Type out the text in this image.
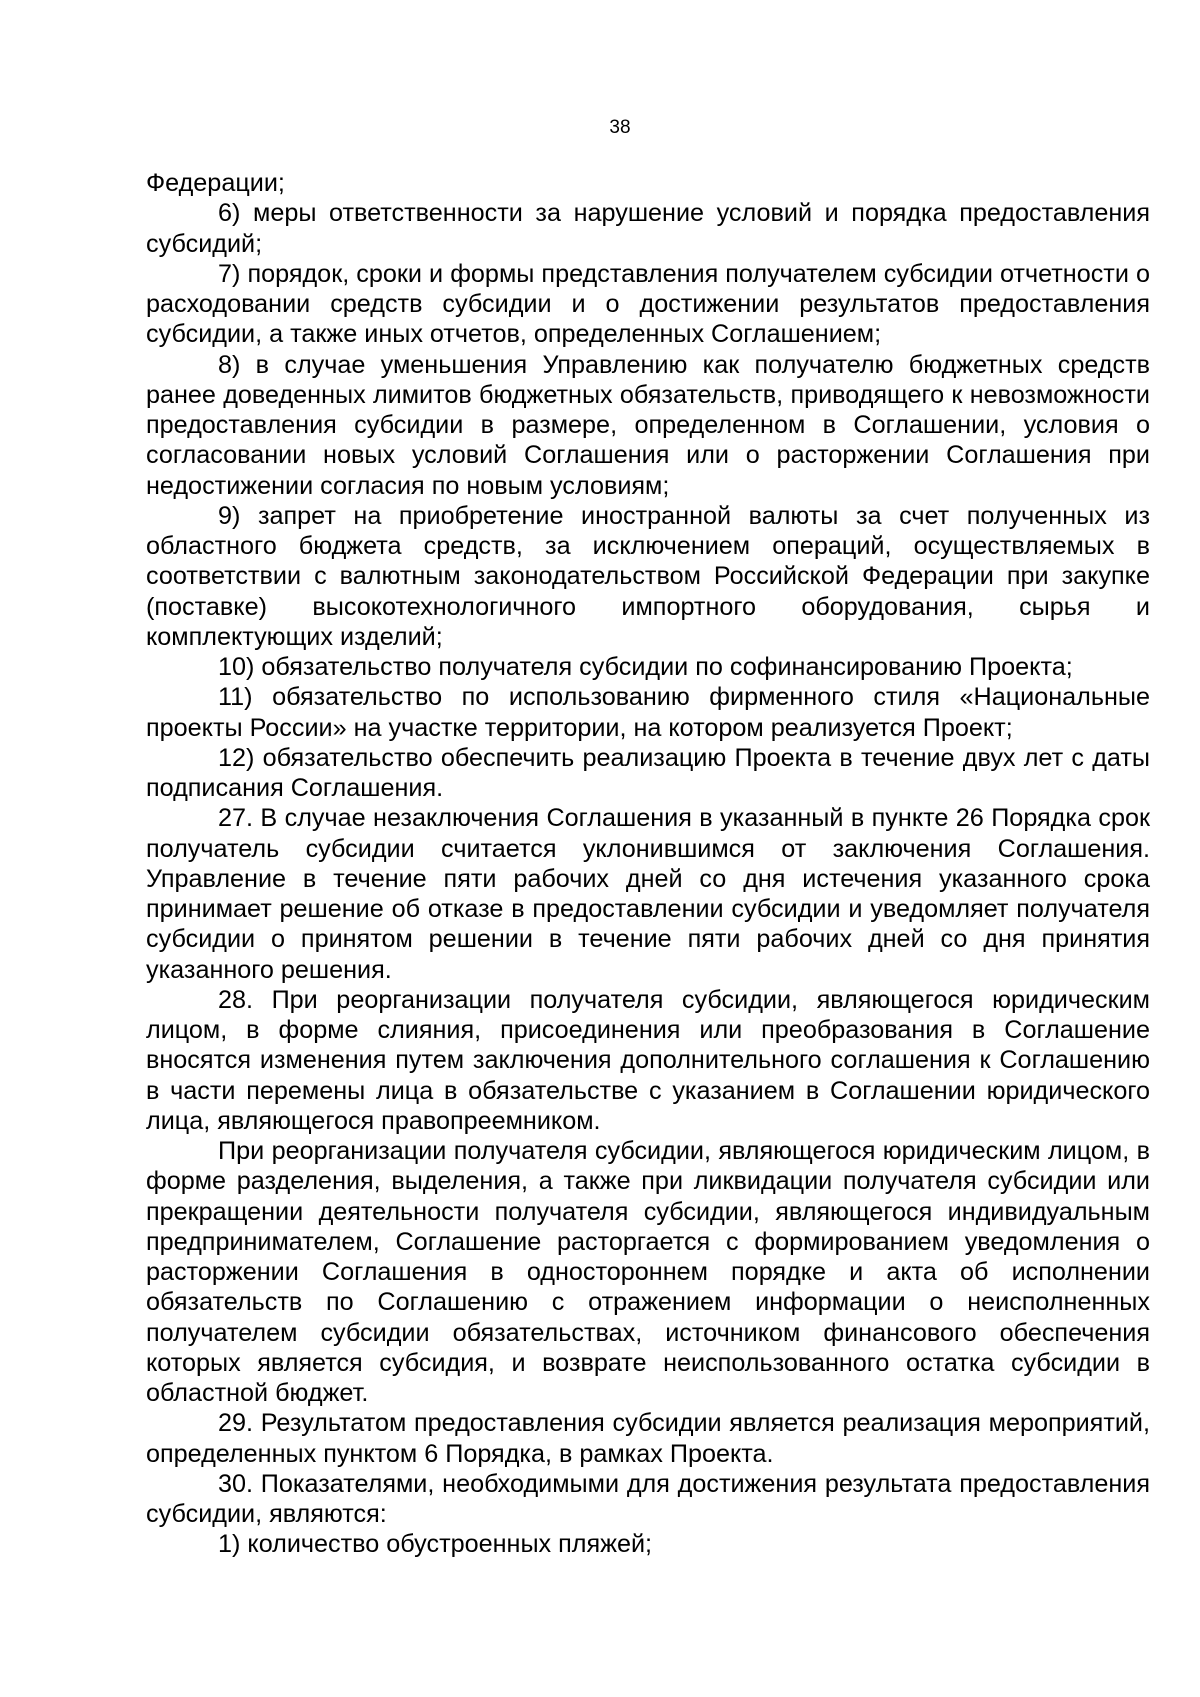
38

Федерации;

6) меры ответственности за нарушение условий и порядка предоставления субсидий;

7) порядок, сроки и формы представления получателем субсидии отчетности о расходовании средств субсидии и о достижении результатов предоставления субсидии, а также иных отчетов, определенных Соглашением;

8) в случае уменьшения Управлению как получателю бюджетных средств ранее доведенных лимитов бюджетных обязательств, приводящего к невозможности предоставления субсидии в размере, определенном в Соглашении, условия о согласовании новых условий Соглашения или о расторжении Соглашения при недостижении согласия по новым условиям;

9) запрет на приобретение иностранной валюты за счет полученных из областного бюджета средств, за исключением операций, осуществляемых в соответствии с валютным законодательством Российской Федерации при закупке (поставке) высокотехнологичного импортного оборудования, сырья и комплектующих изделий;

10) обязательство получателя субсидии по софинансированию Проекта;

11) обязательство по использованию фирменного стиля «Национальные проекты России» на участке территории, на котором реализуется Проект;

12) обязательство обеспечить реализацию Проекта в течение двух лет с даты подписания Соглашения.

27. В случае незаключения Соглашения в указанный в пункте 26 Порядка срок получатель субсидии считается уклонившимся от заключения Соглашения. Управление в течение пяти рабочих дней со дня истечения указанного срока принимает решение об отказе в предоставлении субсидии и уведомляет получателя субсидии о принятом решении в течение пяти рабочих дней со дня принятия указанного решения.

28. При реорганизации получателя субсидии, являющегося юридическим лицом, в форме слияния, присоединения или преобразования в Соглашение вносятся изменения путем заключения дополнительного соглашения к Соглашению в части перемены лица в обязательстве с указанием в Соглашении юридического лица, являющегося правопреемником.

При реорганизации получателя субсидии, являющегося юридическим лицом, в форме разделения, выделения, а также при ликвидации получателя субсидии или прекращении деятельности получателя субсидии, являющегося индивидуальным предпринимателем, Соглашение расторгается с формированием уведомления о расторжении Соглашения в одностороннем порядке и акта об исполнении обязательств по Соглашению с отражением информации о неисполненных получателем субсидии обязательствах, источником финансового обеспечения которых является субсидия, и возврате неиспользованного остатка субсидии в областной бюджет.

29. Результатом предоставления субсидии является реализация мероприятий, определенных пунктом 6 Порядка, в рамках Проекта.

30. Показателями, необходимыми для достижения результата предоставления субсидии, являются:

1) количество обустроенных пляжей;
